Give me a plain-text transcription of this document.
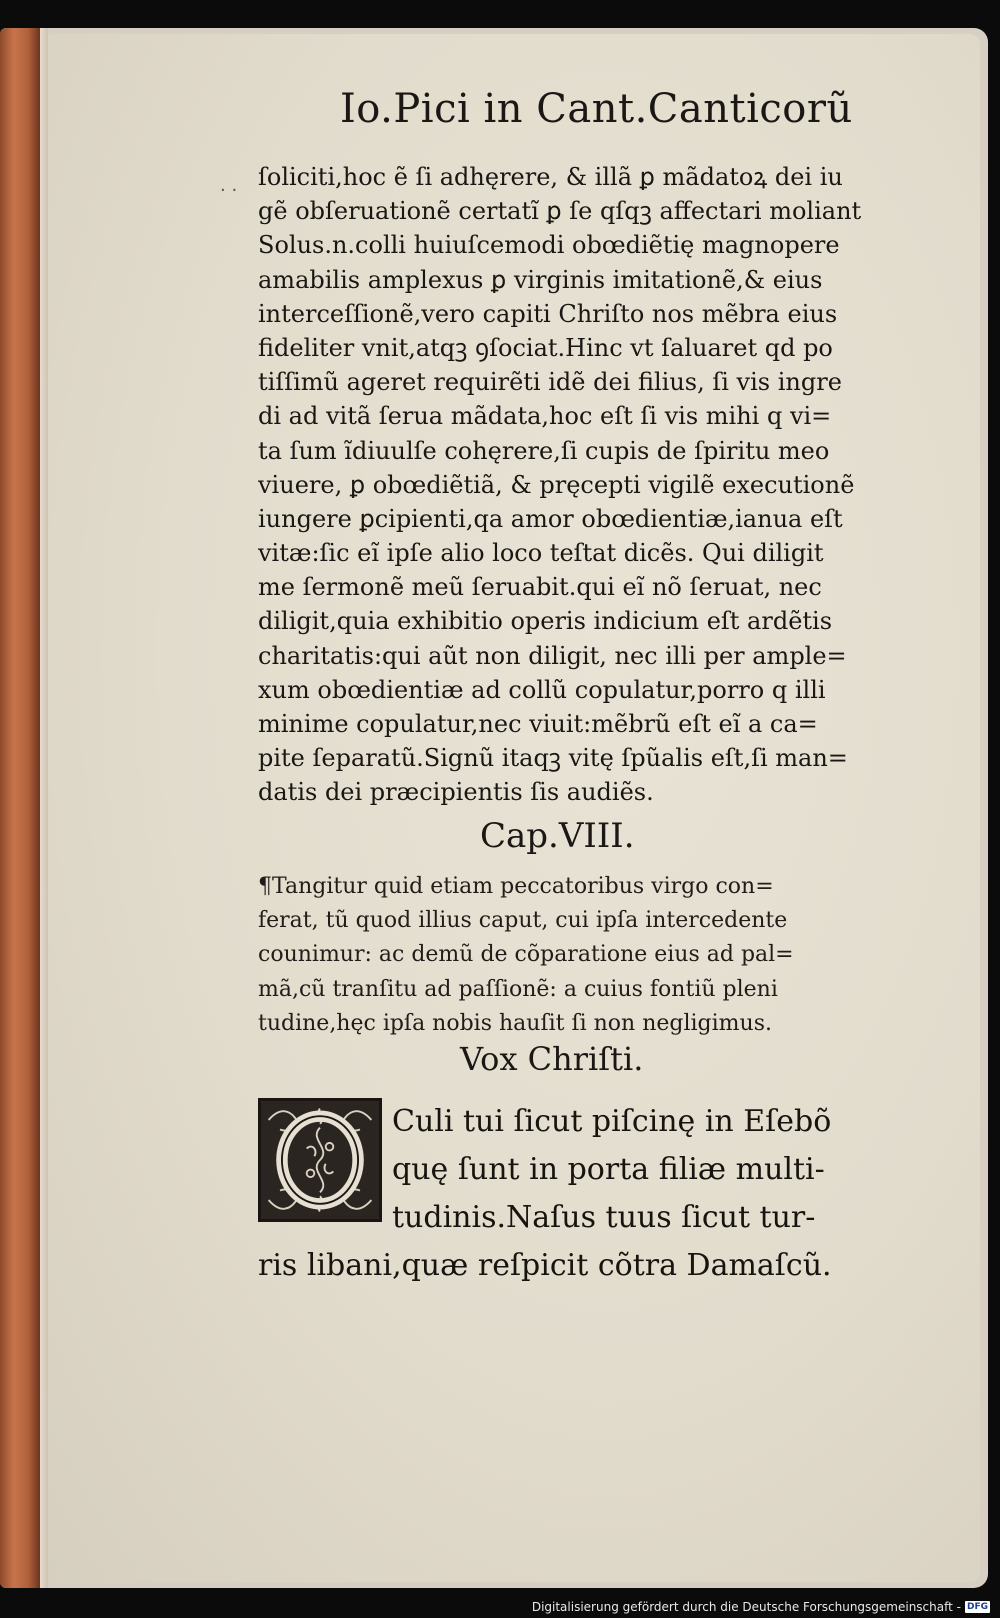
Io.Pici in Cant.Canticorũ
· · ſoliciti,hoc ẽ ſi adhęrere, & illã ꝑ mãdatoꝝ dei iu
gẽ obſeruationẽ certatĩ ꝑ ſe qſqꝫ affectari moliant
Solus.n.colli huiuſcemodi obœdiẽtię magnopere
amabilis amplexus ꝑ virginis imitationẽ,& eius
interceſſionẽ,vero capiti Chriſto nos mẽbra eius
fideliter vnit,atqꝫ ꝯſociat.Hinc vt ſaluaret qd po
tiſſimũ ageret requirẽti idẽ dei filius, ſi vis ingre
di ad vitã ſerua mãdata,hoc eſt ſi vis mihi q vi=
ta ſum ĩdiuulſe cohęrere,ſi cupis de ſpiritu meo
viuere, ꝑ obœdiẽtiã, & pręcepti vigilẽ executionẽ
iungere ꝑcipienti,qa amor obœdientiæ,ianua eſt
vitæ:ſic eĩ ipſe alio loco teſtat dicẽs. Qui diligit
me ſermonẽ meũ ſeruabit.qui eĩ nõ ſeruat, nec
diligit,quia exhibitio operis indicium eſt ardẽtis
charitatis:qui aũt non diligit, nec illi per ample=
xum obœdientiæ ad collũ copulatur,porro q illi
minime copulatur,nec viuit:mẽbrũ eſt eĩ a ca=
pite ſeparatũ.Signũ itaqꝫ vitę ſpũalis eſt,ſi man=
datis dei præcipientis ſis audiẽs.
Cap.VIII.
¶Tangitur quid etiam peccatoribus virgo con=
ferat, tũ quod illius caput, cui ipſa intercedente
counimur: ac demũ de cõparatione eius ad pal=
mã,cũ tranſitu ad paſſionẽ: a cuius fontiũ pleni
tudine,hęc ipſa nobis hauſit ſi non negligimus.
Vox Chriſti.
Culi tui ſicut piſcinę in Eſebõ
quę ſunt in porta filiæ multi-
tudinis.Naſus tuus ſicut tur-
ris libani,quæ reſpicit cõtra Damaſcũ.
Digitalisierung gefördert durch die Deutsche Forschungsgemeinschaft - DFG
